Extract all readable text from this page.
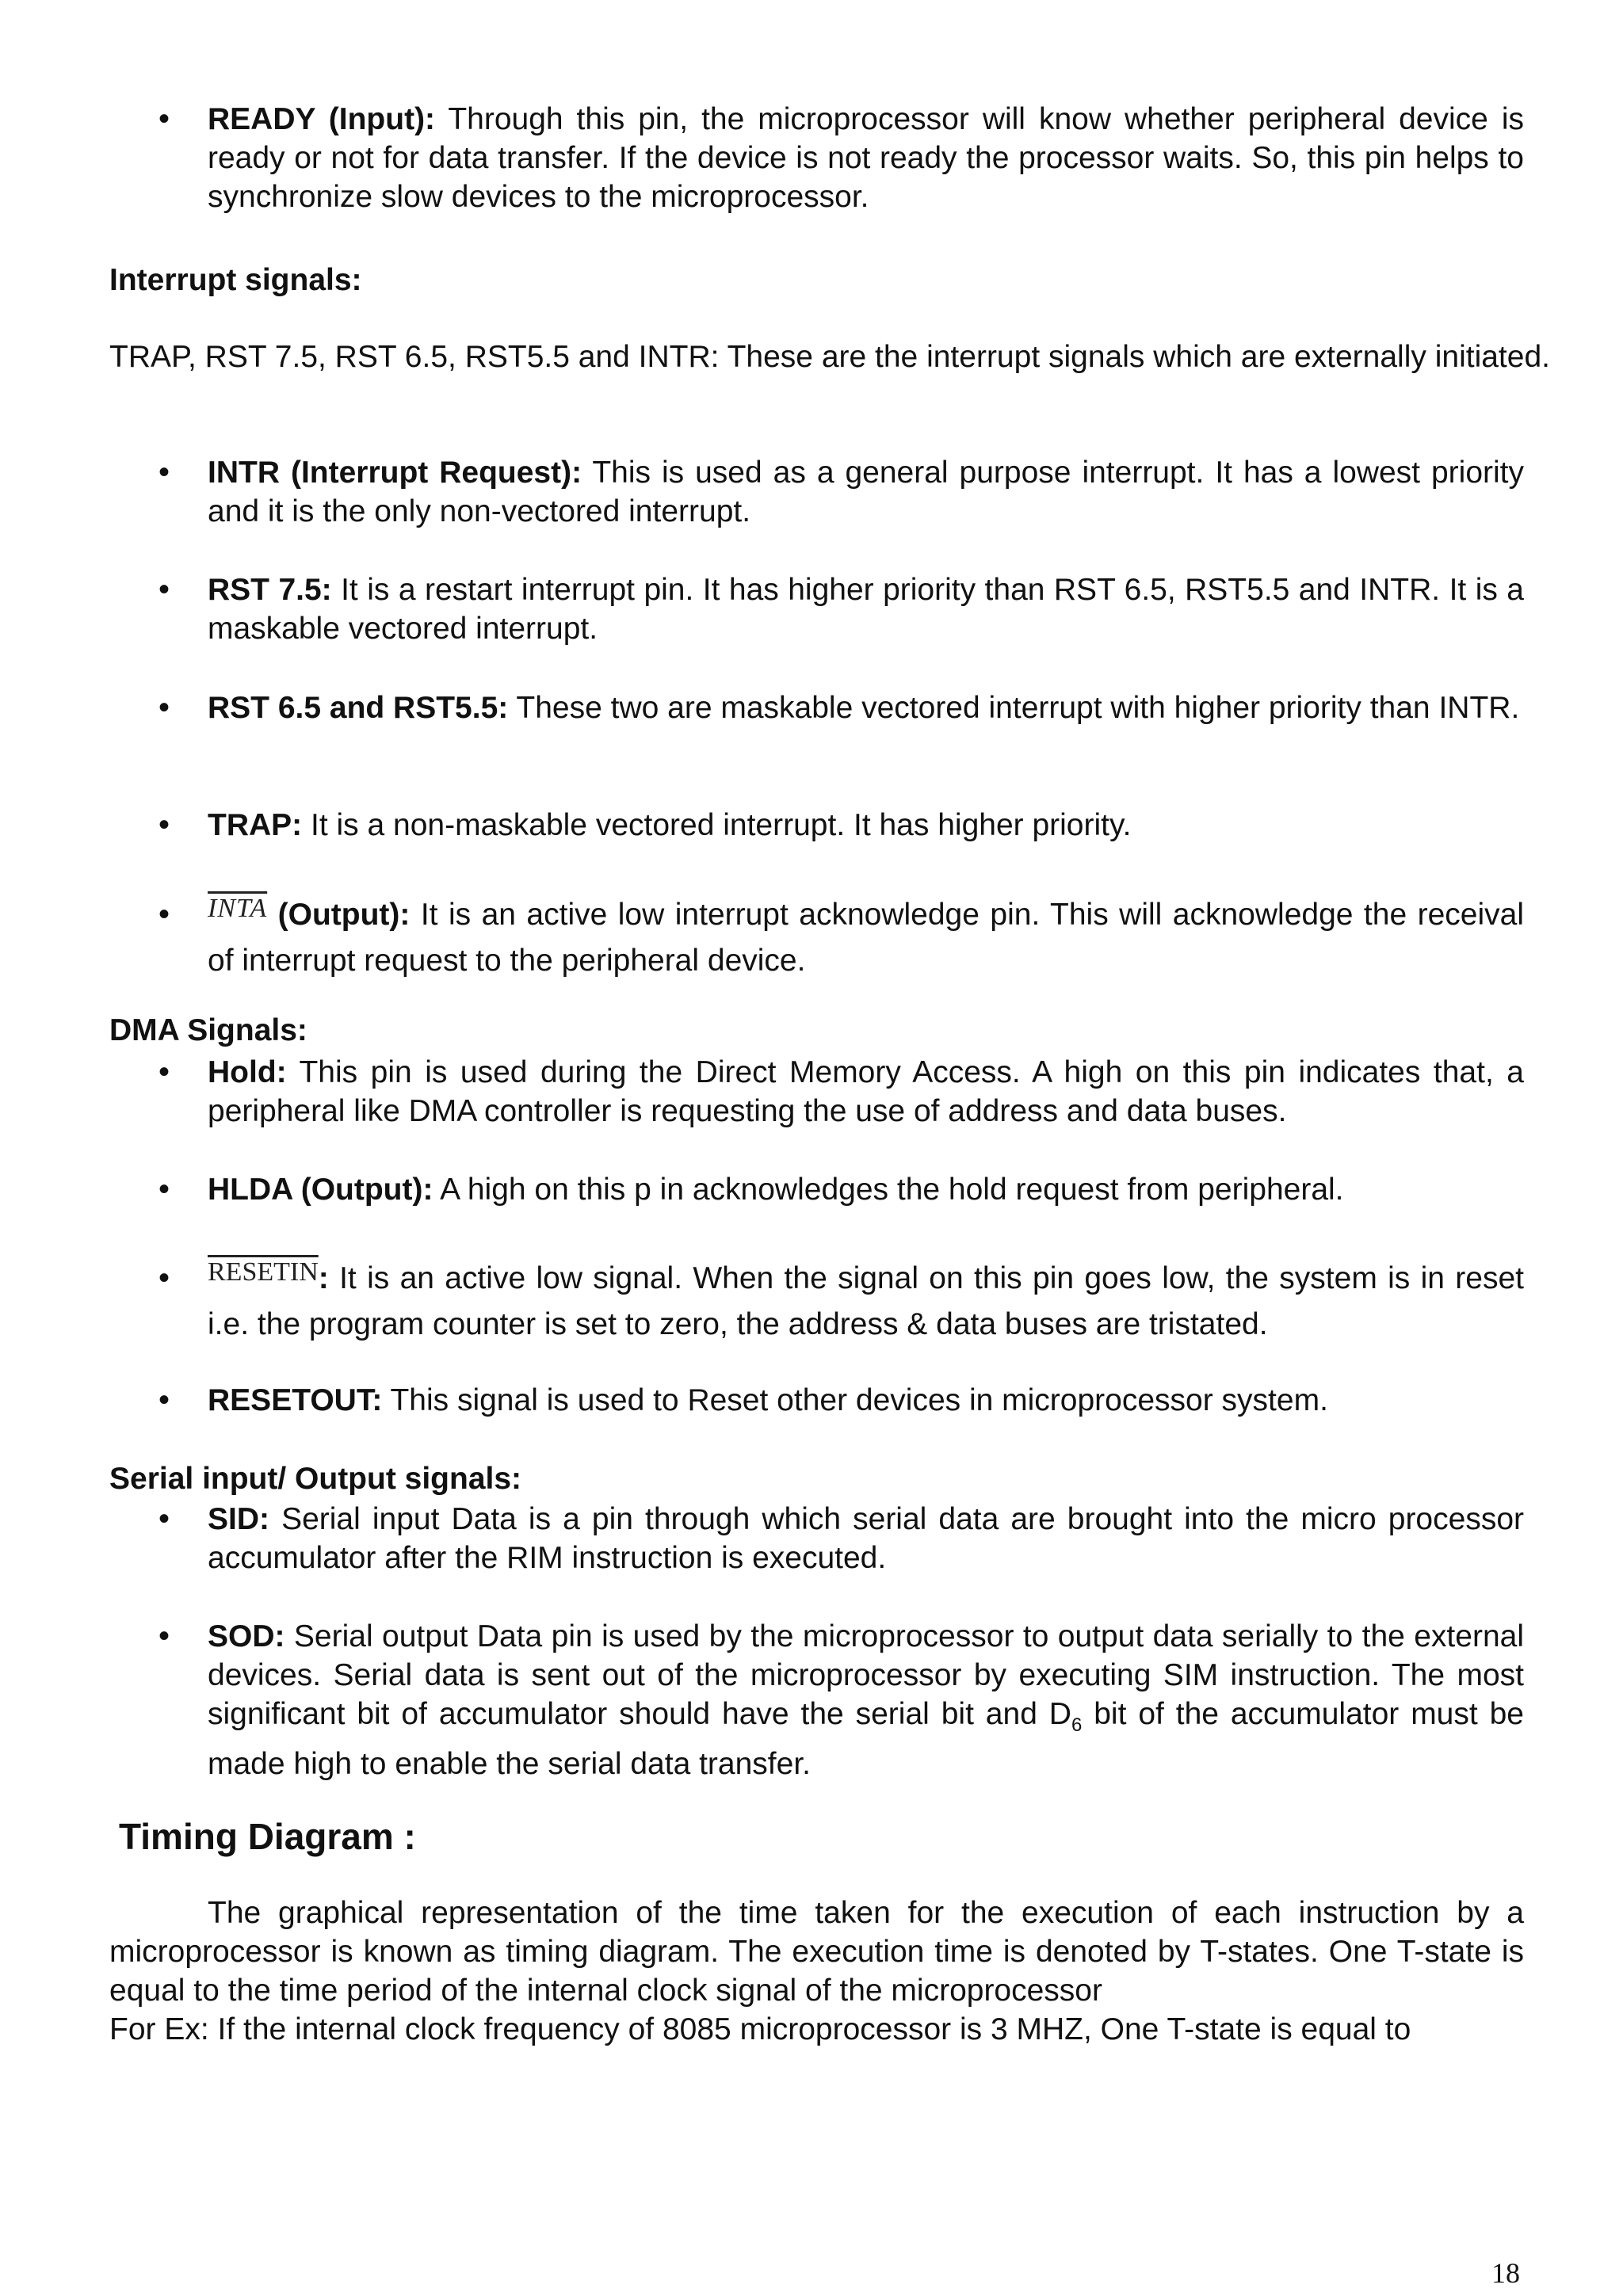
•

READY (Input): Through this pin, the microprocessor will know whether peripheral device is ready or not for data transfer. If the device is not ready the processor waits. So, this pin helps to synchronize slow devices to the microprocessor.

Interrupt signals:

TRAP, RST 7.5, RST 6.5, RST5.5 and INTR: These are the interrupt signals which are externally initiated.

•

INTR (Interrupt Request): This is used as a general purpose interrupt. It has a lowest priority and it is the only non-vectored interrupt.

•

RST 7.5: It is a restart interrupt pin. It has higher priority than RST 6.5, RST5.5 and INTR. It is a maskable vectored interrupt.

•

RST 6.5 and RST5.5: These two are maskable vectored interrupt with higher priority than INTR.

•

TRAP: It is a non-maskable vectored interrupt. It has higher priority.

•

INTA (Output): It is an active low interrupt acknowledge pin. This will acknowledge the receival of interrupt request to the peripheral device.

DMA Signals:

•

Hold: This pin is used during the Direct Memory Access. A high on this pin indicates that, a peripheral like DMA controller is requesting the use of address and data buses.

•

HLDA (Output): A high on this p in acknowledges the hold request from peripheral.

•

RESETIN: It is an active low signal. When the signal on this pin goes low, the system is in reset i.e. the program counter is set to zero, the address & data buses are tristated.

•

RESETOUT: This signal is used to Reset other devices in microprocessor system.

Serial input/ Output signals:

•

SID: Serial input Data is a pin through which serial data are brought into the micro processor accumulator after the RIM instruction is executed.

•

SOD: Serial output Data pin is used by the microprocessor to output data serially to the external devices. Serial data is sent out of the microprocessor by executing SIM instruction. The most significant bit of accumulator should have the serial bit and $D_6$ bit of the accumulator must be made high to enable the serial data transfer.

Timing Diagram :

The graphical representation of the time taken for the execution of each instruction by a microprocessor is known as timing diagram. The execution time is denoted by T-states. One T-state is equal to the time period of the internal clock signal of the microprocessor

For Ex: If the internal clock frequency of 8085 microprocessor is 3 MHZ, One T-state is equal to

18
